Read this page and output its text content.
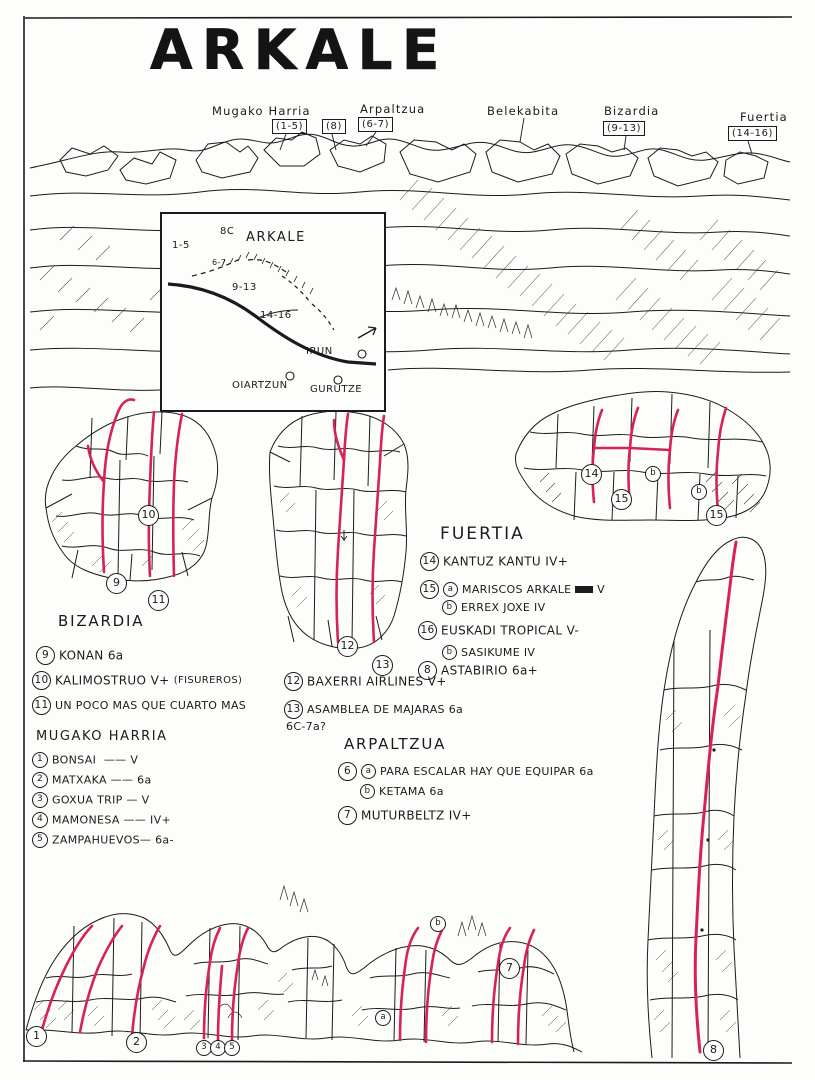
ARKALE
Mugako Harria
(1-5)	(8)
Arpaltzua
(6-7)
Belekabita	Bizardia
(9-13)
Fuertia
(14-16)
8C ARKALE
1-5
6-7
9-13
14-16
IRUN
OIARTZUN GURUTZE
10
9
11
12
13
14	b
15
b
15
8
1	2	3	4	5
a
b
7
BIZARDIA
9 KONAN 6a
10 KALIMOSTRUO V+ (FISUREROS)
11 UN POCO MAS QUE CUARTO MAS
MUGAKO HARRIA
1 BONSAI  —— V
2 MATXAKA —— 6a
3 GOXUA TRIP — V
4 MAMONESA —— IV+
5 ZAMPAHUEVOS— 6a-
FUERTIA
14 KANTUZ KANTU IV+
15 a MARISCOS ARKALE V
b ERREX JOXE IV
16 EUSKADI TROPICAL V-
b SASIKUME IV
8 ASTABIRIO 6a+
12 BAXERRI AIRLINES V+
13 ASAMBLEA DE MAJARAS 6a
6C-7a?
ARPALTZUA
6 a PARA ESCALAR HAY QUE EQUIPAR 6a
b KETAMA 6a
7 MUTURBELTZ IV+
